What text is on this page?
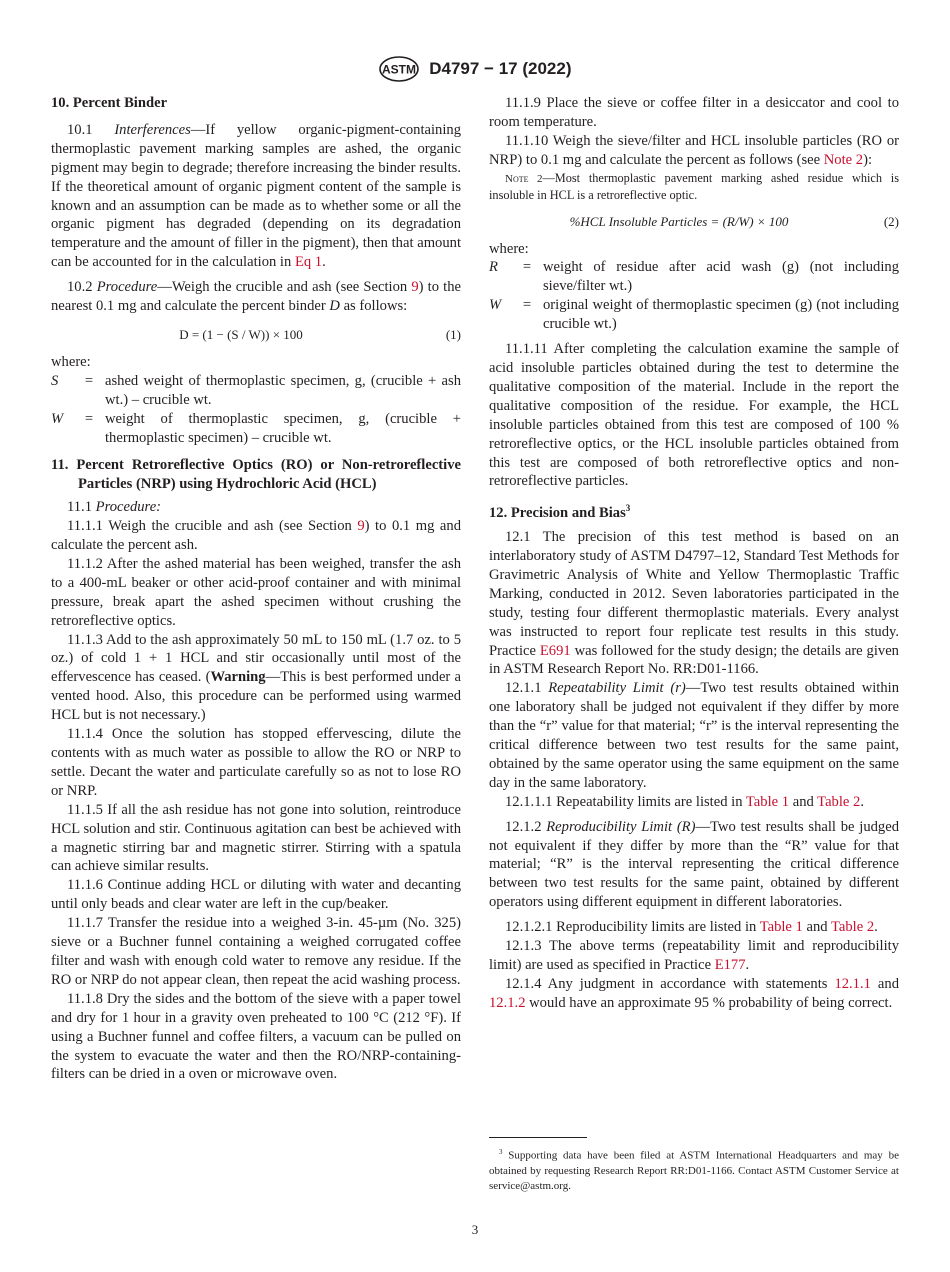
ASTM D4797 − 17 (2022)

10. Percent Binder

10.1 Interferences—If yellow organic-pigment-containing thermoplastic pavement marking samples are ashed, the organic pigment may begin to degrade; therefore increasing the binder results. If the theoretical amount of organic pigment content of the sample is known and an assumption can be made as to whether some or all the organic pigment has degraded (depending on its degradation temperature and the amount of filler in the pigment), then that amount can be accounted for in the calculation in Eq 1.

10.2 Procedure—Weigh the crucible and ash (see Section 9) to the nearest 0.1 mg and calculate the percent binder D as follows:

D = (1 − (S / W)) × 100	(1)

where:

S	= ashed weight of thermoplastic specimen, g, (crucible + ash wt.) – crucible wt.
W	= weight of thermoplastic specimen, g, (crucible + thermoplastic specimen) – crucible wt.

11. Percent Retroreflective Optics (RO) or Non-retroreflective Particles (NRP) using Hydrochloric Acid (HCL)

11.1 Procedure:

11.1.1 Weigh the crucible and ash (see Section 9) to 0.1 mg and calculate the percent ash.

11.1.2 After the ashed material has been weighed, transfer the ash to a 400-mL beaker or other acid-proof container and with minimal pressure, break apart the ashed specimen without crushing the retroreflective optics.

11.1.3 Add to the ash approximately 50 mL to 150 mL (1.7 oz. to 5 oz.) of cold 1 + 1 HCL and stir occasionally until most of the effervescence has ceased. (Warning—This is best performed under a vented hood. Also, this procedure can be performed using warmed HCL but is not necessary.)

11.1.4 Once the solution has stopped effervescing, dilute the contents with as much water as possible to allow the RO or NRP to settle. Decant the water and particulate carefully so as not to lose RO or NRP.

11.1.5 If all the ash residue has not gone into solution, reintroduce HCL solution and stir. Continuous agitation can best be achieved with a magnetic stirring bar and magnetic stirrer. Stirring with a spatula can achieve similar results.

11.1.6 Continue adding HCL or diluting with water and decanting until only beads and clear water are left in the cup/beaker.

11.1.7 Transfer the residue into a weighed 3-in. 45-µm (No. 325) sieve or a Buchner funnel containing a weighed corrugated coffee filter and wash with enough cold water to remove any residue. If the RO or NRP do not appear clean, then repeat the acid washing process.

11.1.8 Dry the sides and the bottom of the sieve with a paper towel and dry for 1 hour in a gravity oven preheated to 100 °C (212 °F). If using a Buchner funnel and coffee filters, a vacuum can be pulled on the system to evacuate the water and then the RO/NRP-containing-filters can be dried in a oven or microwave oven.

11.1.9 Place the sieve or coffee filter in a desiccator and cool to room temperature.

11.1.10 Weigh the sieve/filter and HCL insoluble particles (RO or NRP) to 0.1 mg and calculate the percent as follows (see Note 2):

Note 2—Most thermoplastic pavement marking ashed residue which is insoluble in HCL is a retroreflective optic.

%HCL Insoluble Particles = (R/W) × 100	(2)

where:

R	= weight of residue after acid wash (g) (not including sieve/filter wt.)
W	= original weight of thermoplastic specimen (g) (not including crucible wt.)

11.1.11 After completing the calculation examine the sample of acid insoluble particles obtained during the test to determine the qualitative composition of the material. Include in the report the qualitative composition of the residue. For example, the HCL insoluble particles obtained from this test are composed of 100 % retroreflective optics, or the HCL insoluble particles obtained from this test are composed of both retroreflective optics and non-retroreflective particles.

12. Precision and Bias$^3$

12.1 The precision of this test method is based on an interlaboratory study of ASTM D4797–12, Standard Test Methods for Gravimetric Analysis of White and Yellow Thermoplastic Traffic Marking, conducted in 2012. Seven laboratories participated in the study, testing four different thermoplastic materials. Every analyst was instructed to report four replicate test results in this study. Practice E691 was followed for the study design; the details are given in ASTM Research Report No. RR:D01-1166.

12.1.1 Repeatability Limit (r)—Two test results obtained within one laboratory shall be judged not equivalent if they differ by more than the “r” value for that material; “r” is the interval representing the critical difference between two test results for the same paint, obtained by the same operator using the same equipment on the same day in the same laboratory.

12.1.1.1 Repeatability limits are listed in Table 1 and Table 2.

12.1.2 Reproducibility Limit (R)—Two test results shall be judged not equivalent if they differ by more than the “R” value for that material; “R” is the interval representing the critical difference between two test results for the same paint, obtained by different operators using different equipment in different laboratories.

12.1.2.1 Reproducibility limits are listed in Table 1 and Table 2.

12.1.3 The above terms (repeatability limit and reproducibility limit) are used as specified in Practice E177.

12.1.4 Any judgment in accordance with statements 12.1.1 and 12.1.2 would have an approximate 95 % probability of being correct.

$^3$ Supporting data have been filed at ASTM International Headquarters and may be obtained by requesting Research Report RR:D01-1166. Contact ASTM Customer Service at service@astm.org.
3
